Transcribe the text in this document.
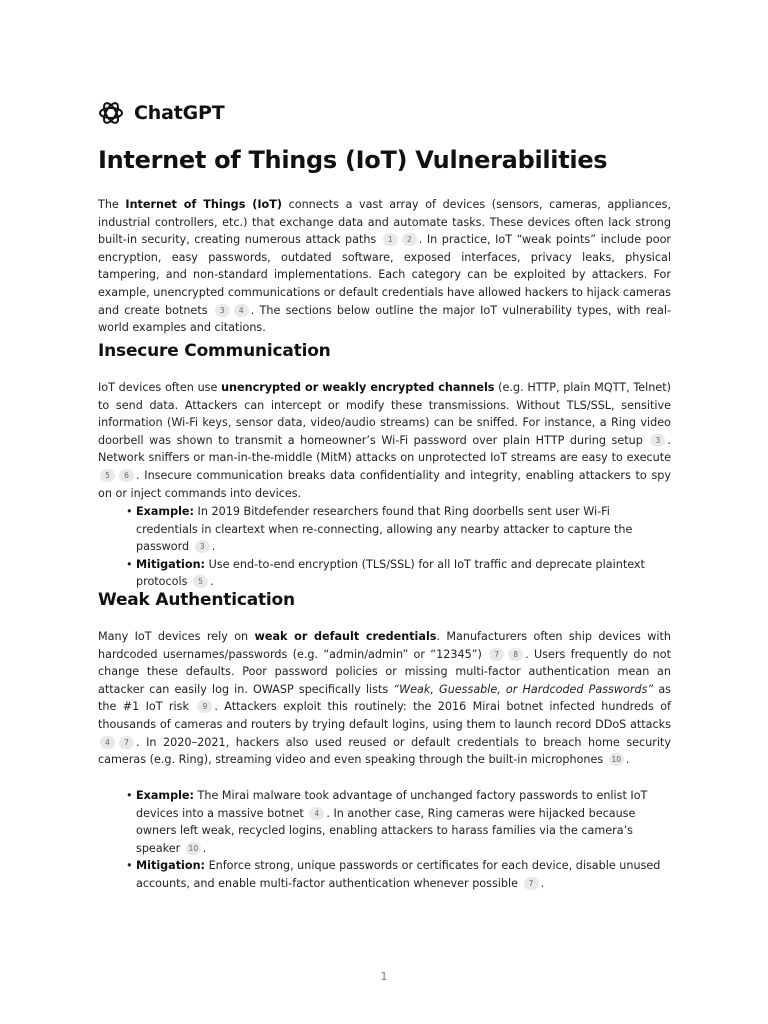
ChatGPT
Internet of Things (IoT) Vulnerabilities

The Internet of Things (IoT) connects a vast array of devices (sensors, cameras, appliances, industrial controllers, etc.) that exchange data and automate tasks. These devices often lack strong built-in security, creating numerous attack paths 1 2 . In practice, IoT “weak points” include poor encryption, easy passwords, outdated software, exposed interfaces, privacy leaks, physical tampering, and non-standard implementations. Each category can be exploited by attackers. For example, unencrypted communications or default credentials have allowed hackers to hijack cameras and create botnets 3 4 . The sections below outline the major IoT vulnerability types, with real-world examples and citations.

Insecure Communication

IoT devices often use unencrypted or weakly encrypted channels (e.g. HTTP, plain MQTT, Telnet) to send data. Attackers can intercept or modify these transmissions. Without TLS/SSL, sensitive information (Wi-Fi keys, sensor data, video/audio streams) can be sniffed. For instance, a Ring video doorbell was shown to transmit a homeowner’s Wi-Fi password over plain HTTP during setup 3 . Network sniffers or man-in-the-middle (MitM) attacks on unprotected IoT streams are easy to execute 5 6 . Insecure communication breaks data confidentiality and integrity, enabling attackers to spy on or inject commands into devices.

• Example: In 2019 Bitdefender researchers found that Ring doorbells sent user Wi-Fi credentials in cleartext when re-connecting, allowing any nearby attacker to capture the password 3 .
• Mitigation: Use end-to-end encryption (TLS/SSL) for all IoT traffic and deprecate plaintext protocols 5 .
Weak Authentication

Many IoT devices rely on weak or default credentials. Manufacturers often ship devices with hardcoded usernames/passwords (e.g. “admin/admin” or “12345”) 7 8 . Users frequently do not change these defaults. Poor password policies or missing multi-factor authentication mean an attacker can easily log in. OWASP specifically lists “Weak, Guessable, or Hardcoded Passwords” as the #1 IoT risk 9 . Attackers exploit this routinely: the 2016 Mirai botnet infected hundreds of thousands of cameras and routers by trying default logins, using them to launch record DDoS attacks 4 7 . In 2020–2021, hackers also used reused or default credentials to breach home security cameras (e.g. Ring), streaming video and even speaking through the built-in microphones 10 .

• Example: The Mirai malware took advantage of unchanged factory passwords to enlist IoT devices into a massive botnet 4 . In another case, Ring cameras were hijacked because owners left weak, recycled logins, enabling attackers to harass families via the camera’s speaker 10 .
• Mitigation: Enforce strong, unique passwords or certificates for each device, disable unused accounts, and enable multi-factor authentication whenever possible 7 .
1
